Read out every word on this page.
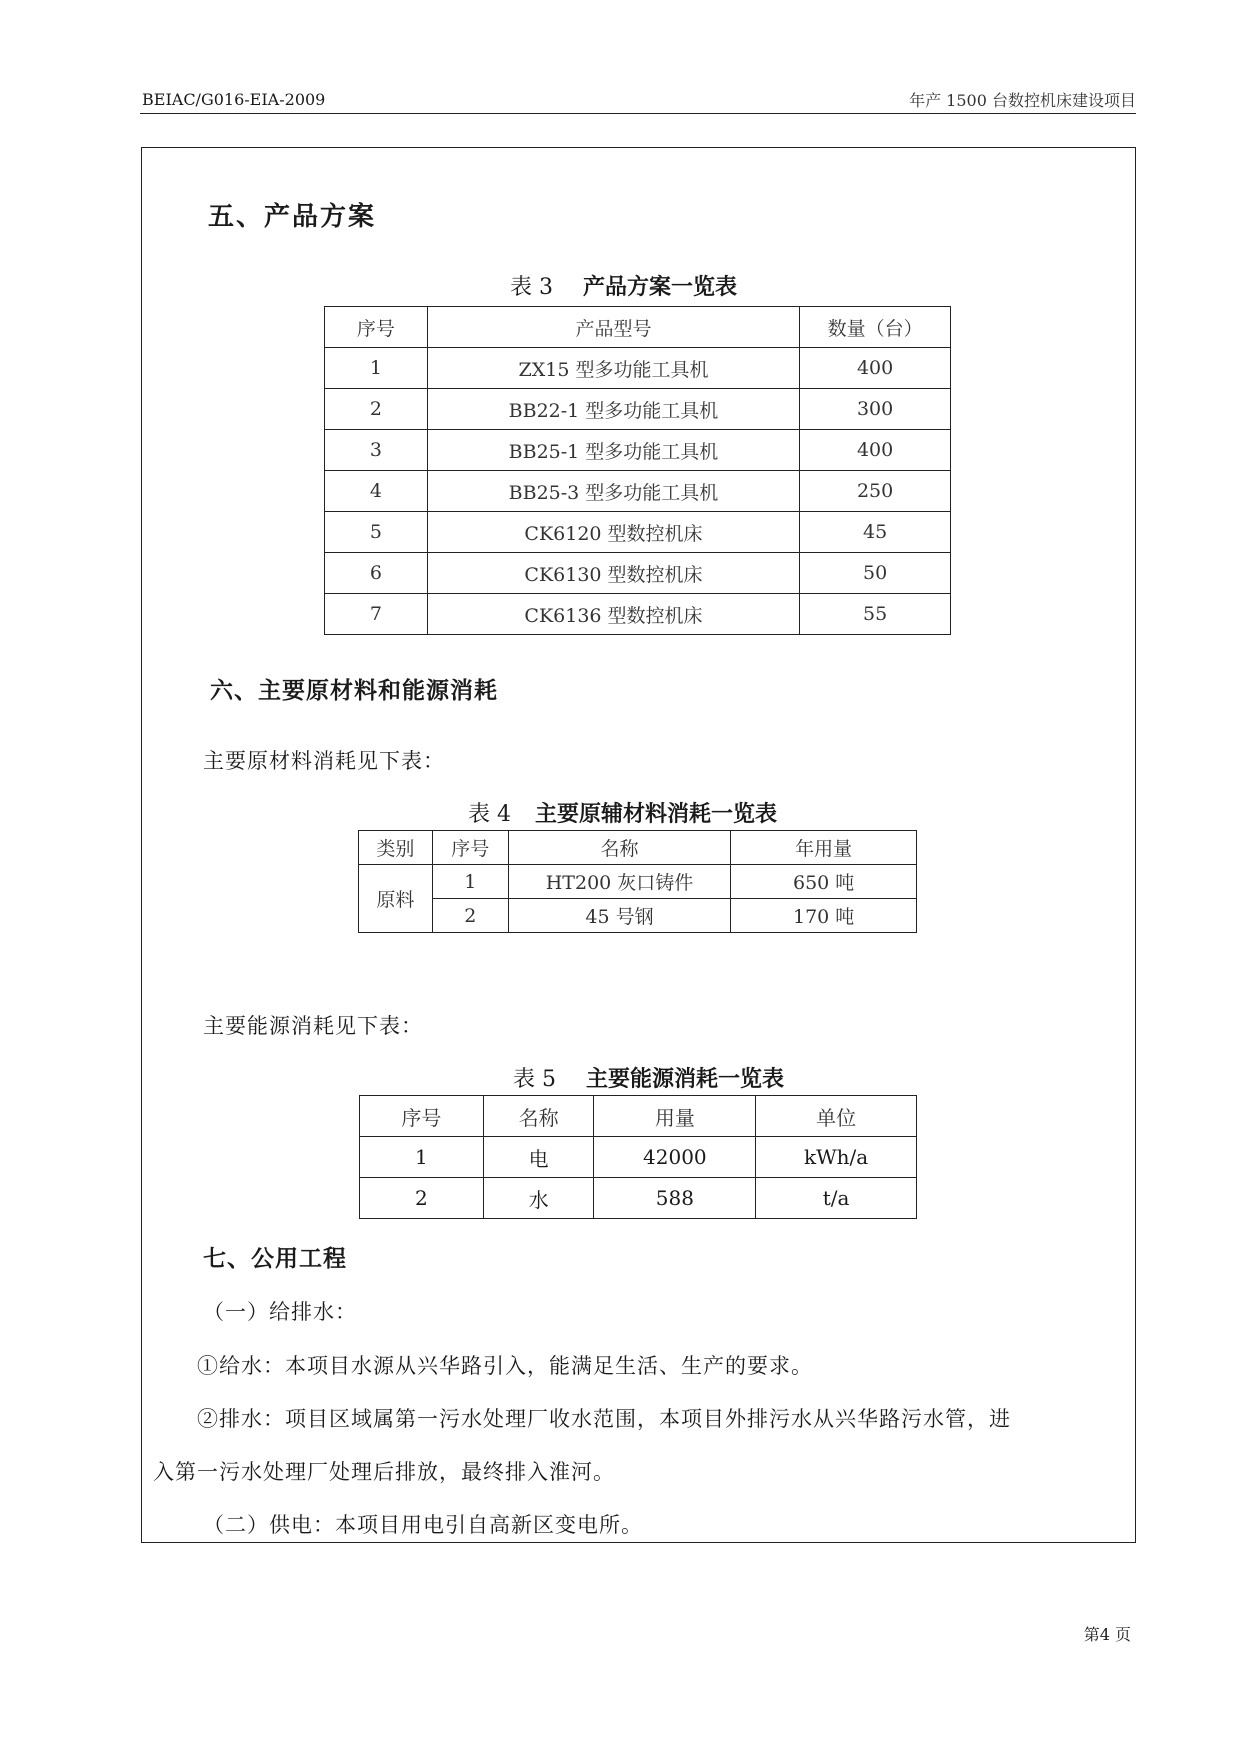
BEIAC/G016-EIA-2009	年产 1500 台数控机床建设项目
五、产品方案
表 3 产品方案一览表
序号	产品型号	数量（台）
1	ZX15 型多功能工具机	400
2	BB22-1 型多功能工具机	300
3	BB25-1 型多功能工具机	400
4	BB25-3 型多功能工具机	250
5	CK6120 型数控机床	45
6	CK6130 型数控机床	50
7	CK6136 型数控机床	55
六、主要原材料和能源消耗
主要原材料消耗见下表：
表 4 主要原辅材料消耗一览表
类别	序号	名称	年用量
原料	1	HT200 灰口铸件	650 吨
	2	45 号钢	170 吨
主要能源消耗见下表：
表 5 主要能源消耗一览表
序号	名称	用量	单位
1	电	42000	kWh/a
2	水	588	t/a
七、公用工程
（一）给排水：
①给水：本项目水源从兴华路引入，能满足生活、生产的要求。
②排水：项目区域属第一污水处理厂收水范围，本项目外排污水从兴华路污水管，进
入第一污水处理厂处理后排放，最终排入淮河。
（二）供电：本项目用电引自高新区变电所。
第4 页
